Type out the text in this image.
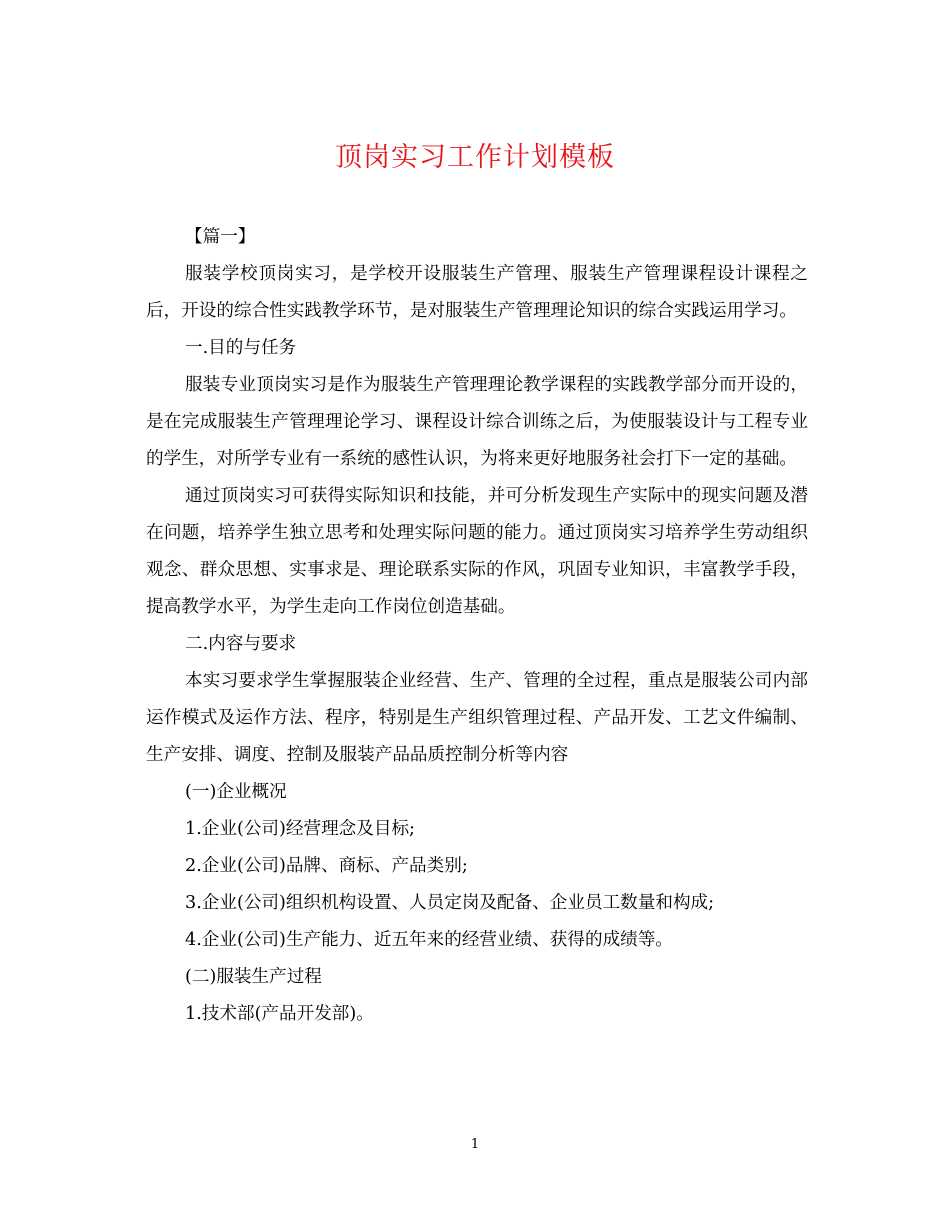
顶岗实习工作计划模板

【篇一】

服装学校顶岗实习，是学校开设服装生产管理、服装生产管理课程设计课程之后，开设的综合性实践教学环节，是对服装生产管理理论知识的综合实践运用学习。

一.目的与任务

服装专业顶岗实习是作为服装生产管理理论教学课程的实践教学部分而开设的，是在完成服装生产管理理论学习、课程设计综合训练之后，为使服装设计与工程专业的学生，对所学专业有一系统的感性认识，为将来更好地服务社会打下一定的基础。

通过顶岗实习可获得实际知识和技能，并可分析发现生产实际中的现实问题及潜在问题，培养学生独立思考和处理实际问题的能力。通过顶岗实习培养学生劳动组织观念、群众思想、实事求是、理论联系实际的作风，巩固专业知识，丰富教学手段，提高教学水平，为学生走向工作岗位创造基础。

二.内容与要求

本实习要求学生掌握服装企业经营、生产、管理的全过程，重点是服装公司内部运作模式及运作方法、程序，特别是生产组织管理过程、产品开发、工艺文件编制、生产安排、调度、控制及服装产品品质控制分析等内容

(一)企业概况

1.企业(公司)经营理念及目标;

2.企业(公司)品牌、商标、产品类别;

3.企业(公司)组织机构设置、人员定岗及配备、企业员工数量和构成;

4.企业(公司)生产能力、近五年来的经营业绩、获得的成绩等。

(二)服装生产过程

1.技术部(产品开发部)。

1
